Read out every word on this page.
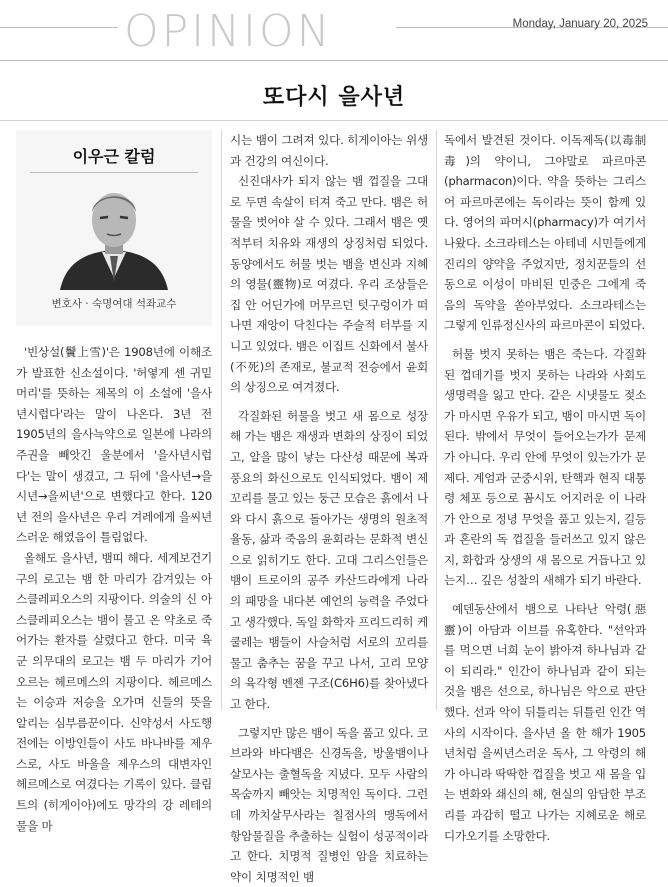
OPINION	Monday, January 20, 2025
또다시 을사년
이우근 칼럼
변호사 · 숙명여대 석좌교수

'빈상설(鬢上雪)'은 1908년에 이해조가 발표한 신소설이다. '허옇게 센 귀밑머리'를 뜻하는 제목의 이 소설에 '을사년시럽다'라는 말이 나온다. 3년 전 1905년의 을사늑약으로 일본에 나라의 주권을 빼앗긴 울분에서 '을사년시럽다'는 말이 생겼고, 그 뒤에 '을사년→을시년→을씨년'으로 변했다고 한다. 120년 전의 을사년은 우리 겨레에게 을씨년스러운 해였음이 틀림없다.

올해도 을사년, 뱀띠 해다. 세계보건기구의 로고는 뱀 한 마리가 감겨있는 아스클레피오스의 지팡이다. 의술의 신 아스클레피오스는 뱀이 물고 온 약초로 죽어가는 환자를 살렸다고 한다. 미국 육군 의무대의 로고는 뱀 두 마리가 기어오르는 헤르메스의 지팡이다. 헤르메스는 이승과 저승을 오가며 신들의 뜻을 알리는 심부름꾼이다. 신약성서 사도행전에는 이방인들이 사도 바나바를 제우스로, 사도 바울을 제우스의 대변자인 헤르메스로 여겼다는 기록이 있다. 클림트의 (히게이아)에도 망각의 강 레테의 물을 마

시는 뱀이 그려져 있다. 히게이아는 위생과 건강의 여신이다.

신진대사가 되지 않는 뱀 껍질을 그대로 두면 속살이 터져 죽고 만다. 뱀은 허물을 벗어야 살 수 있다. 그래서 뱀은 옛적부터 치유와 재생의 상징처럼 되었다. 동양에서도 허물 벗는 뱀을 변신과 지혜의 영물(靈物)로 여겼다. 우리 조상들은 집 안 어딘가에 머무르던 텃구렁이가 떠나면 재앙이 닥친다는 주술적 터부를 지니고 있었다. 뱀은 이집트 신화에서 불사(不死)의 존재로, 불교적 전승에서 윤회의 상징으로 여겨졌다.

각질화된 허물을 벗고 새 몸으로 성장해 가는 뱀은 재생과 변화의 상징이 되었고, 알을 많이 낳는 다산성 때문에 복과 풍요의 화신으로도 인식되었다. 뱀이 제 꼬리를 물고 있는 둥근 모습은 흙에서 나와 다시 흙으로 돌아가는 생명의 원초적 율동, 삶과 죽음의 윤회라는 문화적 변신으로 읽히기도 한다. 고대 그리스인들은 뱀이 트로이의 공주 카산드라에게 나라의 패망을 내다본 예언의 능력을 주었다고 생각했다. 독일 화학자 프리드리히 케쿨레는 뱀들이 사슬처럼 서로의 꼬리를 물고 춤추는 꿈을 꾸고 나서, 고리 모양의 육각형 벤젠 구조(C6H6)를 찾아냈다고 한다.

그렇지만 많은 뱀이 독을 품고 있다. 코브라와 바다뱀은 신경독을, 방울뱀이나 살모사는 출혈독을 지녔다. 모두 사람의 목숨까지 빼앗는 치명적인 독이다. 그런데 까치살무사라는 칠점사의 맹독에서 항암물질을 추출하는 실험이 성공적이라고 한다. 치명적 질병인 암을 치료하는 약이 치명적인 뱀

독에서 발견된 것이다. 이독제독(以毒制毒)의 약이니, 그야말로 파르마콘(pharmacon)이다. 약을 뜻하는 그리스어 파르마콘에는 독이라는 뜻이 함께 있다. 영어의 파머시(pharmacy)가 여기서 나왔다. 소크라테스는 아테네 시민들에게 진리의 양약을 주었지만, 정치꾼들의 선동으로 이성이 마비된 민중은 그에게 죽음의 독약을 쏟아부었다. 소크라테스는 그렇게 인류정신사의 파르마콘이 되었다.

허물 벗지 못하는 뱀은 죽는다. 각질화된 껍데기를 벗지 못하는 나라와 사회도 생명력을 잃고 만다. 같은 시냇물도 젖소가 마시면 우유가 되고, 뱀이 마시면 독이 된다. 밖에서 무엇이 들어오는가가 문제가 아니다. 우리 안에 무엇이 있는가가 문제다. 계엄과 군중시위, 탄핵과 현직 대통령 체포 등으로 꼼시도 어지러운 이 나라가 안으로 정녕 무엇을 품고 있는지, 길등과 혼란의 독 껍질을 들러쓰고 있지 않은지, 화합과 상생의 새 몸으로 거듭나고 있는지… 깊은 성찰의 새해가 되기 바란다.

예덴동산에서 뱀으로 나타난 악령(惡靈)이 아담과 이브를 유혹한다. "선악과를 먹으면 너희 눈이 밝아져 하나님과 같이 되리라." 인간이 하나님과 같이 되는 것을 뱀은 선으로, 하나님은 악으로 판단했다. 선과 악이 뒤틀리는 뒤틀린 인간 역사의 시작이다. 을사년 올 한 해가 1905년처럼 을씨년스러운 독사, 그 악령의 해가 아니라 딱딱한 껍질을 벗고 새 몸을 입는 변화와 쇄신의 해, 현실의 암담한 부조리를 과감히 떨고 나가는 지혜로운 해로 디가오기를 소망한다.
